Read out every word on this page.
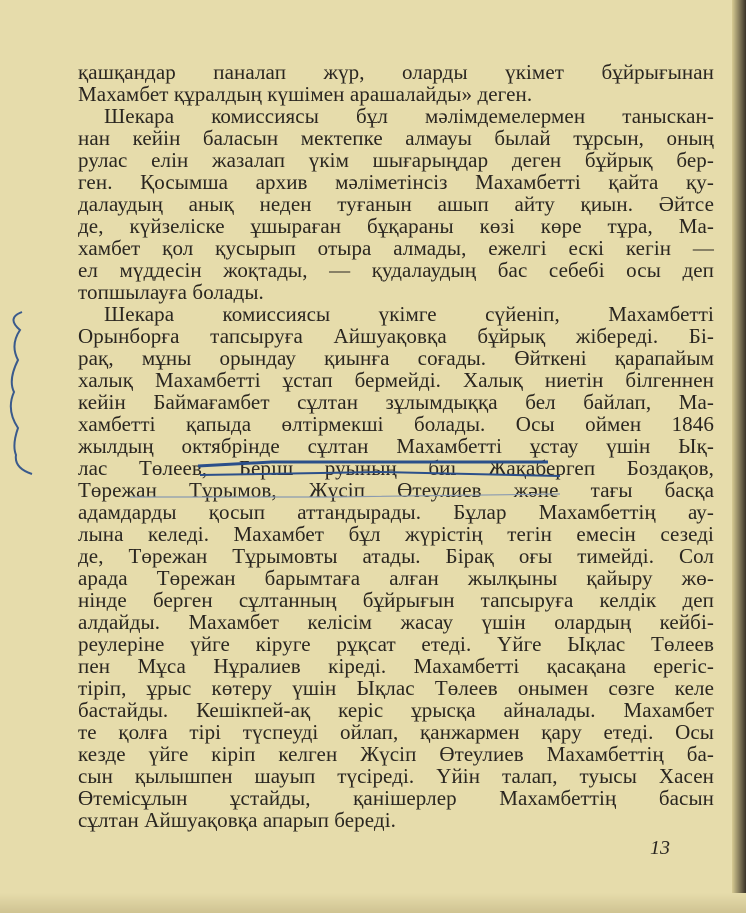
қашқандар паналап жүр, оларды үкімет бұйрығынан
Махамбет құралдың күшімен арашалайды» деген.
Шекара комиссиясы бұл мәлімдемелермен таныскан-
нан кейін баласын мектепке алмауы былай тұрсын, оның
рулас елін жазалап үкім шығарыңдар деген бұйрық бер-
ген. Қосымша архив мәліметінсіз Махамбетті қайта қу-
далаудың анық неден туғанын ашып айту қиын. Әйтсе
де, күйзеліске ұшыраған бұқараны көзі көре тұра, Ма-
хамбет қол қусырып отыра алмады, ежелгі ескі кегін —
ел мүддесін жоқтады, — қудалаудың бас себебі осы деп
топшылауға болады.
Шекара комиссиясы үкімге сүйеніп, Махамбетті
Орынборға тапсыруға Айшуақовқа бұйрық жібереді. Бі-
рақ, мұны орындау қиынға соғады. Өйткені қарапайым
халық Махамбетті ұстап бермейді. Халық ниетін білгеннен
кейін Баймағамбет сұлтан зұлымдыққа бел байлап, Ма-
хамбетті қапыда өлтірмекші болады. Осы оймен 1846
жылдың октябрінде сұлтан Махамбетті ұстау үшін Ық-
лас Төлеев, Беріш руының биі Жақабергеп Боздақов,
Төрежан Тұрымов, Жүсіп Өтеулиев және тағы басқа
адамдарды қосып аттандырады. Бұлар Махамбеттің ау-
лына келеді. Махамбет бұл жүрістің тегін емесін сезеді
де, Төрежан Тұрымовты атады. Бірақ оғы тимейді. Сол
арада Төрежан барымтаға алған жылқыны қайыру жө-
нінде берген сұлтанның бұйрығын тапсыруға келдік деп
алдайды. Махамбет келісім жасау үшін олардың кейбі-
реулеріне үйге кіруге рұқсат етеді. Үйге Ықлас Төлеев
пен Мұса Нұралиев кіреді. Махамбетті қасақана ерегіс-
тіріп, ұрыс көтеру үшін Ықлас Төлеев онымен сөзге келе
бастайды. Кешікпей-ақ керіс ұрысқа айналады. Махамбет
те қолға тірі түспеуді ойлап, қанжармен қару етеді. Осы
кезде үйге кіріп келген Жүсіп Өтеулиев Махамбеттің ба-
сын қылышпен шауып түсіреді. Үйін талап, туысы Хасен
Өтемісұлын ұстайды, қанішерлер Махамбеттің басын
сұлтан Айшуақовқа апарып береді.
13
